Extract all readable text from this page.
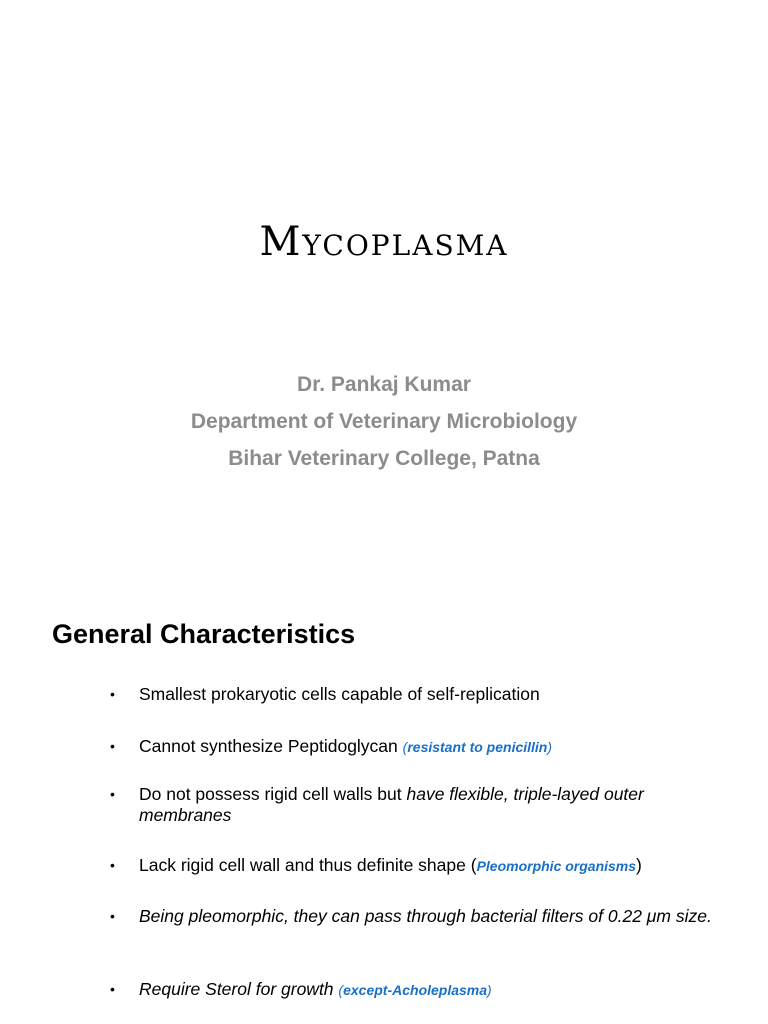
Mycoplasma
Dr. Pankaj Kumar
Department of Veterinary Microbiology
Bihar Veterinary College, Patna
General Characteristics
• Smallest prokaryotic cells capable of self-replication
• Cannot synthesize Peptidoglycan (resistant to penicillin)
• Do not possess rigid cell walls but have flexible, triple-layed outer membranes
• Lack rigid cell wall and thus definite shape (Pleomorphic organisms)
• Being pleomorphic, they can pass through bacterial filters of 0.22 μm size.
• Require Sterol for growth (except-Acholeplasma)
